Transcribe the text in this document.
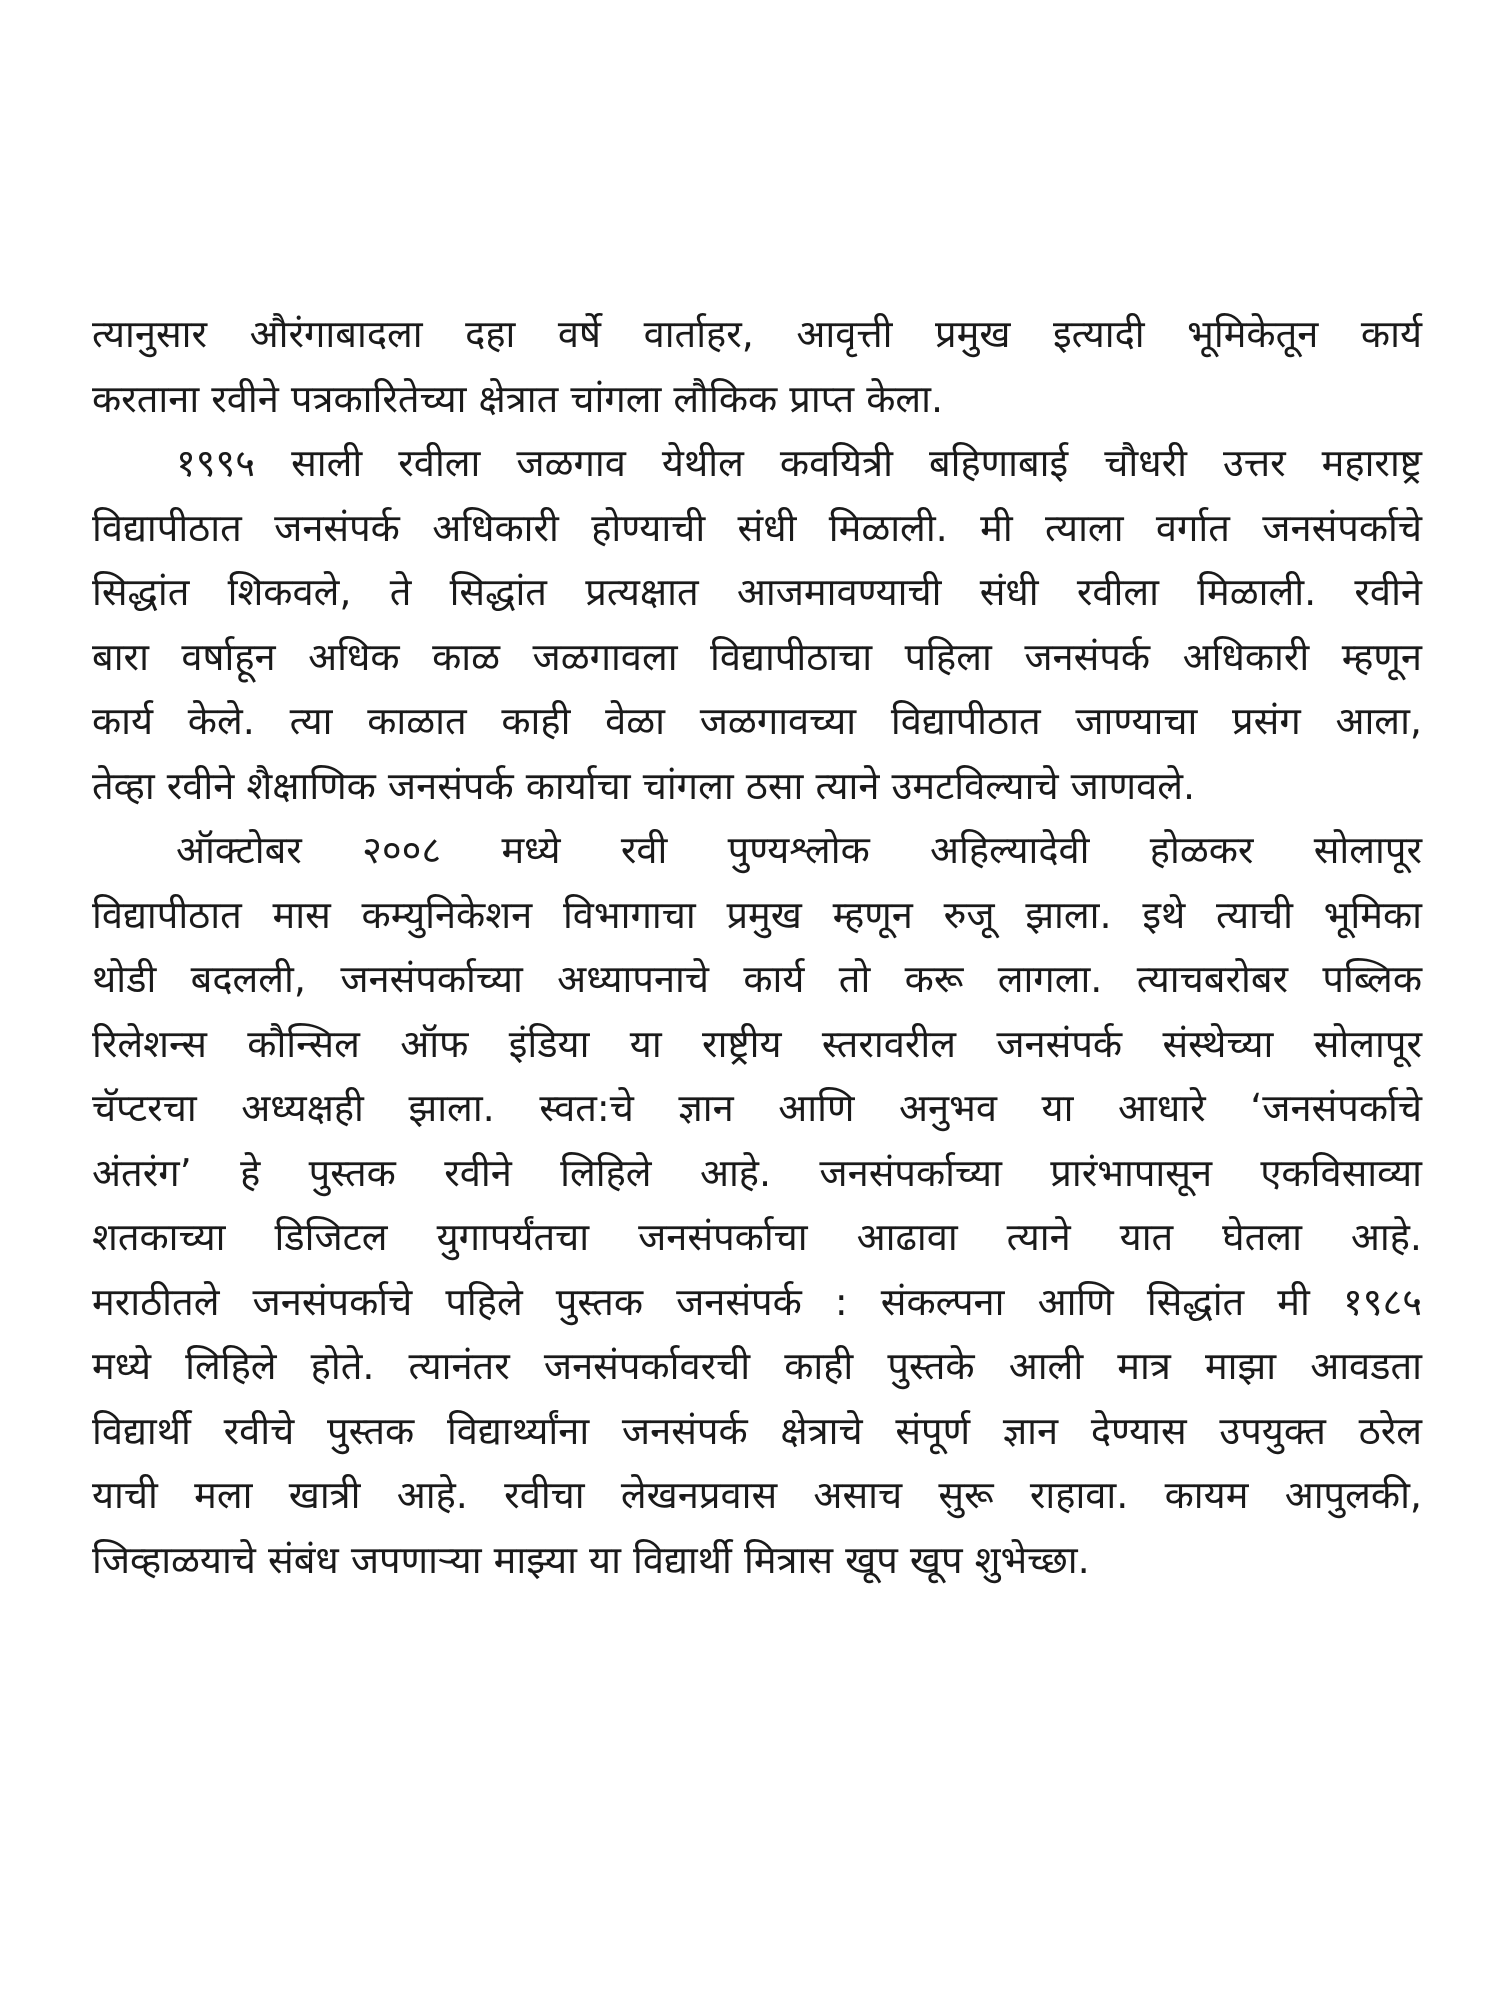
त्यानुसार औरंगाबादला दहा वर्षे वार्ताहर, आवृत्ती प्रमुख इत्यादी भूमिकेतून कार्य
करताना रवीने पत्रकारितेच्या क्षेत्रात चांगला लौकिक प्राप्त केला.
१९९५ साली रवीला जळगाव येथील कवयित्री बहिणाबाई चौधरी उत्तर महाराष्ट्र
विद्यापीठात जनसंपर्क अधिकारी होण्याची संधी मिळाली. मी त्याला वर्गात जनसंपर्काचे
सिद्धांत शिकवले, ते सिद्धांत प्रत्यक्षात आजमावण्याची संधी रवीला मिळाली. रवीने
बारा वर्षाहून अधिक काळ जळगावला विद्यापीठाचा पहिला जनसंपर्क अधिकारी म्हणून
कार्य केले. त्या काळात काही वेळा जळगावच्या विद्यापीठात जाण्याचा प्रसंग आला,
तेव्हा रवीने शैक्षाणिक जनसंपर्क कार्याचा चांगला ठसा त्याने उमटविल्याचे जाणवले.
ऑक्टोबर २००८ मध्ये रवी पुण्यश्लोक अहिल्यादेवी होळकर सोलापूर
विद्यापीठात मास कम्युनिकेशन विभागाचा प्रमुख म्हणून रुजू झाला. इथे त्याची भूमिका
थोडी बदलली, जनसंपर्काच्या अध्यापनाचे कार्य तो करू लागला. त्याचबरोबर पब्लिक
रिलेशन्स कौन्सिल ऑफ इंडिया या राष्ट्रीय स्तरावरील जनसंपर्क संस्थेच्या सोलापूर
चॅप्टरचा अध्यक्षही झाला. स्वत:चे ज्ञान आणि अनुभव या आधारे ‘जनसंपर्काचे
अंतरंग’ हे पुस्तक रवीने लिहिले आहे. जनसंपर्काच्या प्रारंभापासून एकविसाव्या
शतकाच्या डिजिटल युगापर्यंतचा जनसंपर्काचा आढावा त्याने यात घेतला आहे.
मराठीतले जनसंपर्काचे पहिले पुस्तक जनसंपर्क : संकल्पना आणि सिद्धांत मी १९८५
मध्ये लिहिले होते. त्यानंतर जनसंपर्कावरची काही पुस्तके आली मात्र माझा आवडता
विद्यार्थी रवीचे पुस्तक विद्यार्थ्यांना जनसंपर्क क्षेत्राचे संपूर्ण ज्ञान देण्यास उपयुक्त ठरेल
याची मला खात्री आहे. रवीचा लेखनप्रवास असाच सुरू राहावा. कायम आपुलकी,
जिव्हाळयाचे संबंध जपणाऱ्या माझ्या या विद्यार्थी मित्रास खूप खूप शुभेच्छा.
